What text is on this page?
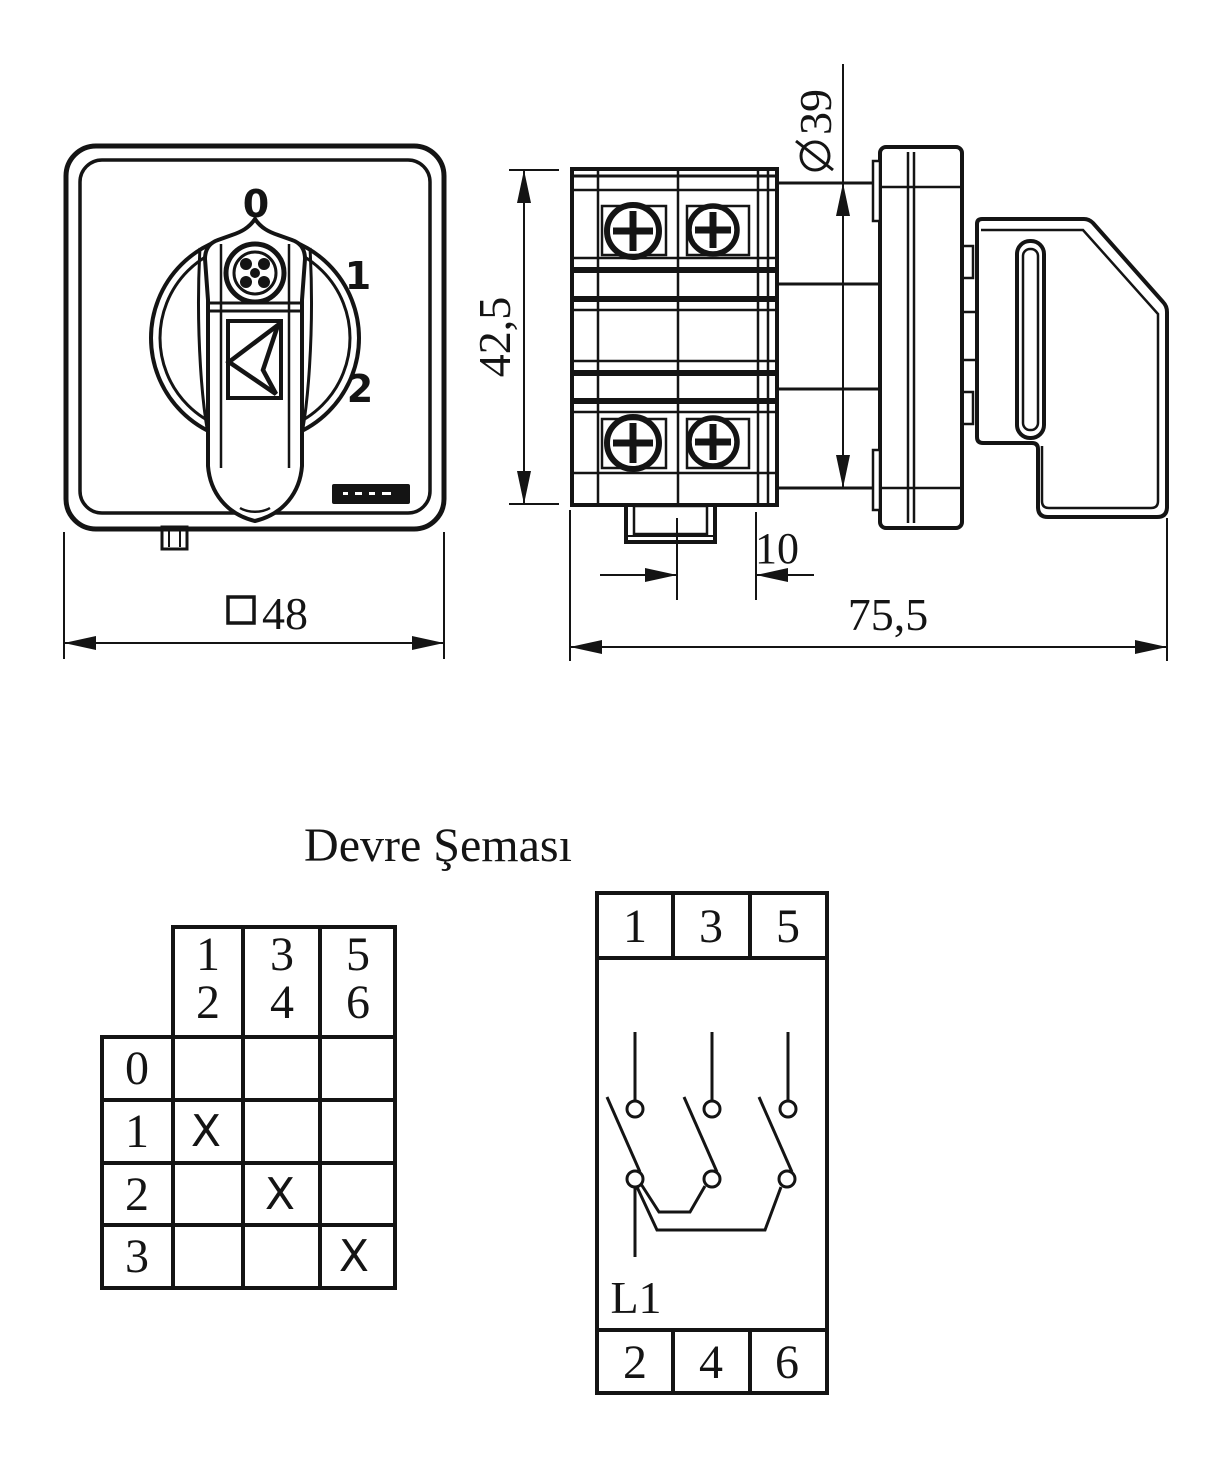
0
1
2
48
42,5
39
10
75,5
Devre Şeması
1
2
3
4
5
6
0
1
2
3
X
X
X
1 3 5
L1
2 4 6
